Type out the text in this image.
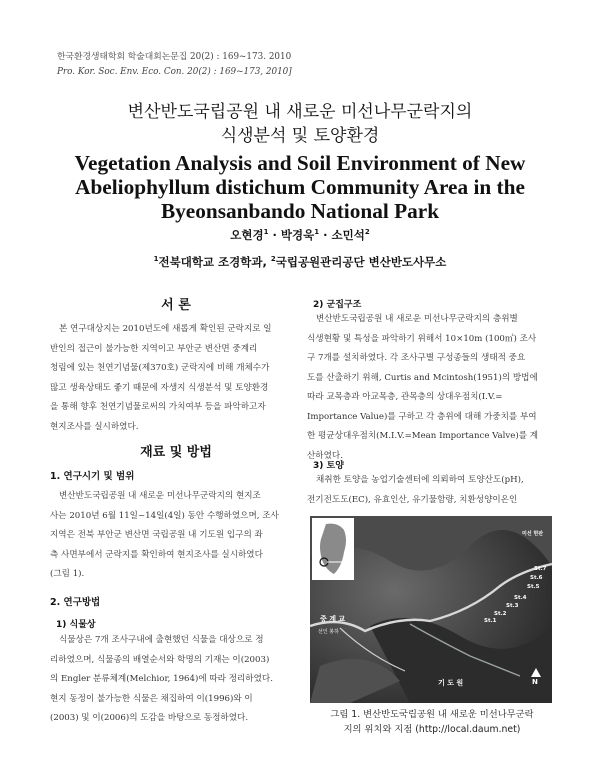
한국환경생태학회 학술대회논문집 20(2) : 169~173. 2010
Pro. Kor. Soc. Env. Eco. Con. 20(2) : 169~173, 2010]
변산반도국립공원 내 새로운 미선나무군락지의
식생분석 및 토양환경
Vegetation Analysis and Soil Environment of New
Abeliophyllum distichum Community Area in the
Byeonsanbando National Park
오현경$^1$ · 박경욱$^1$ · 소민석$^2$
$^1$전북대학교 조경학과, $^2$국립공원관리공단 변산반도사무소
서 론
본 연구대상지는 2010년도에 새롭게 확인된 군락지로 일
반인의 접근이 불가능한 지역이고 부안군 변산면 중계리
청림에 있는 천연기념물(제370호) 군락지에 비해 개체수가
많고 생육상태도 좋기 때문에 자생지 식생분석 및 토양환경
을 통해 향후 천연기념물로써의 가치여부 등을 파악하고자
현지조사를 실시하였다.
재료 및 방법
1. 연구시기 및 범위
변산반도국립공원 내 새로운 미선나무군락지의 현지조
사는 2010년 6월 11일~14일(4일) 동안 수행하였으며, 조사
지역은 전북 부안군 변산면 국립공원 내 기도원 입구의 좌
측 사면부에서 군락지를 확인하여 현지조사를 실시하였다
(그림 1).
2. 연구방법
1) 식물상
식물상은 7개 조사구내에 출현했던 식물을 대상으로 정
리하였으며, 식물종의 배열순서와 학명의 기재는 이(2003)
의 Engler 분류체계(Melchior, 1964)에 따라 정리하였다.
현지 동정이 불가능한 식물은 채집하여 이(1996)와 이
(2003) 및 이(2006)의 도감을 바탕으로 동정하였다.
2) 군집구조
변산반도국립공원 내 새로운 미선나무군락지의 층위별
식생현황 및 특성을 파악하기 위해서 10×10m (100㎡) 조사
구 7개를 설치하였다. 각 조사구별 구성종들의 생태적 중요
도를 산출하기 위해, Curtis and Mcintosh(1951)의 방법에
따라 교목층과 아교목층, 관목층의 상대우점치(I.V.=
Importance Value)를 구하고 각 층위에 대해 가중치를 부여
한 평균상대우점치(M.I.V.=Mean Importance Valve)를 계
산하였다.
3) 토양
채취한 토양을 농업기술센터에 의뢰하여 토양산도(pH),
전기전도도(EC), 유효인산, 유기물함량, 치환성양이온인
미선 현판
중 계 교
선인 봉하
기 도 원	N
St.7
St.6
St.5
St.4
St.3
St.2
St.1
그림 1. 변산반도국립공원 내 새로운 미선나무군락
지의 위치와 지점 (http://local.daum.net)
